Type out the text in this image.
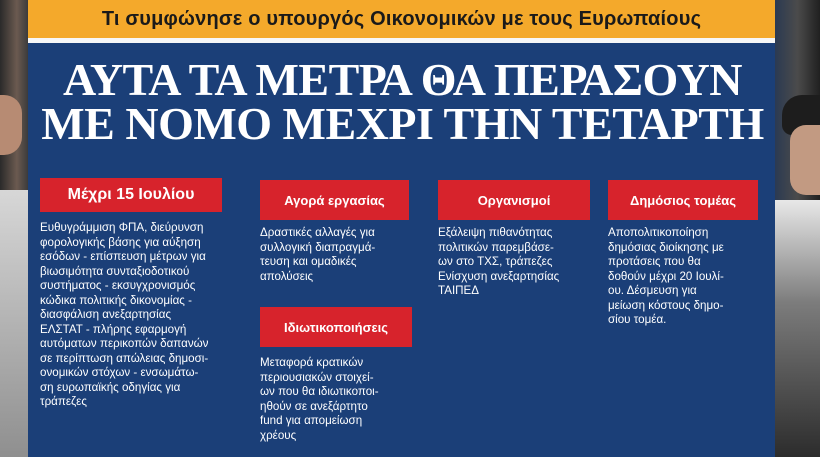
Τι συμφώνησε ο υπουργός Οικονομικών με τους Ευρωπαίους
ΑΥΤΑ ΤΑ ΜΕΤΡΑ ΘΑ ΠΕΡΑΣΟΥΝ
ΜΕ ΝΟΜΟ ΜΕΧΡΙ ΤΗΝ ΤΕΤΑΡΤΗ
Μέχρι 15 Ιουλίου
Ευθυγράμμιση ΦΠΑ, διεύρυνση
φορολογικής βάσης για αύξηση
εσόδων - επίσπευση μέτρων για
βιωσιμότητα συνταξιοδοτικού
συστήματος - εκσυγχρονισμός
κώδικα πολιτικής δικονομίας -
διασφάλιση ανεξαρτησίας
ΕΛΣΤΑΤ - πλήρης εφαρμογή
αυτόματων περικοπών δαπανών
σε περίπτωση απώλειας δημοσι-
ονομικών στόχων - ενσωμάτω-
ση ευρωπαϊκής οδηγίας για
τράπεζες
Αγορά εργασίας
Δραστικές αλλαγές για
συλλογική διαπραγμά-
τευση και ομαδικές
απολύσεις
Ιδιωτικοποιήσεις
Μεταφορά κρατικών
περιουσιακών στοιχεί-
ων που θα ιδιωτικοποι-
ηθούν σε ανεξάρτητο
fund για απομείωση
χρέους
Οργανισμοί
Εξάλειψη πιθανότητας
πολιτικών παρεμβάσε-
ων στο ΤΧΣ, τράπεζες
Ενίσχυση ανεξαρτησίας
ΤΑΙΠΕΔ
Δημόσιος τομέας
Αποπολιτικοποίηση
δημόσιας διοίκησης με
προτάσεις που θα
δοθούν μέχρι 20 Ιουλί-
ου. Δέσμευση για
μείωση κόστους δημο-
σίου τομέα.
